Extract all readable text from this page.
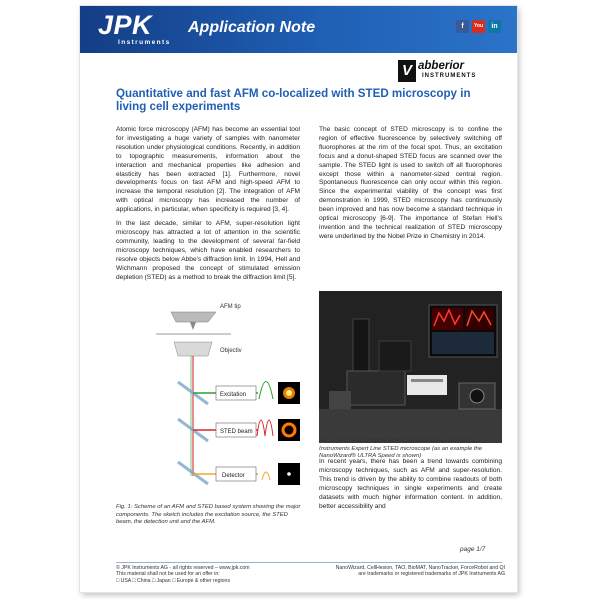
JPK
Instruments
Application Note	f	You	in
V abberior
INSTRUMENTS
Quantitative and fast AFM co-localized with STED microscopy in living cell experiments

Atomic force microscopy (AFM) has become an essential tool for investigating a huge variety of samples with nanometer resolution under physiological conditions. Recently, in addition to topographic measurements, information about the interaction and mechanical properties like adhesion and elasticity has been extracted [1]. Furthermore, novel developments focus on fast AFM and high-speed AFM to increase the temporal resolution [2]. The integration of AFM with optical microscopy has increased the number of applications, in particular, when specificity is required [3, 4].

In the last decade, similar to AFM, super-resolution light microscopy has attracted a lot of attention in the scientific community, leading to the development of several far-field microscopy techniques, which have enabled researchers to resolve objects below Abbe's diffraction limit. In 1994, Hell and Wichmann proposed the concept of stimulated emission depletion (STED) as a method to break the diffraction limit [5].

The basic concept of STED microscopy is to confine the region of effective fluorescence by selectively switching off fluorophores at the rim of the focal spot. Thus, an excitation focus and a donut-shaped STED focus are scanned over the sample. The STED light is used to switch off all fluorophores except those within a nanometer-sized central region. Spontaneous fluorescence can only occur within this region. Since the experimental viability of the concept was first demonstration in 1999, STED microscopy has continuously been improved and has now become a standard technique in optical microscopy [6-9]. The importance of Stefan Hell's invention and the technical realization of STED microscopy were underlined by the Nobel Prize in Chemistry in 2014.

AFM tip
Objectiv
Excitation
STED beam
Detector
Fig. 1: Scheme of an AFM and STED based system showing the major components. The sketch includes the excitation source, the STED beam, the detection unit and the AFM.
Fig. 2: JPK NanoWizard® AFM integrated into an Abberior Instruments Expert Line STED microscope (as an example the NanoWizard® ULTRA Speed is shown)

In recent years, there has been a trend towards combining microscopy techniques, such as AFM and super-resolution. This trend is driven by the ability to combine readouts of both microscopy techniques in single experiments and create datasets with much higher information content. In addition, better accessibility and

page 1/7
© JPK Instruments AG - all rights reserved – www.jpk.com
This material shall not be used for an offer in:
□ USA □ China □ Japan □ Europe & other regions
NanoWizard, CellHesion, TAO, BioMAT, NanoTracker, ForceRobot and QI
are trademarks or registered trademarks of JPK Instruments AG
